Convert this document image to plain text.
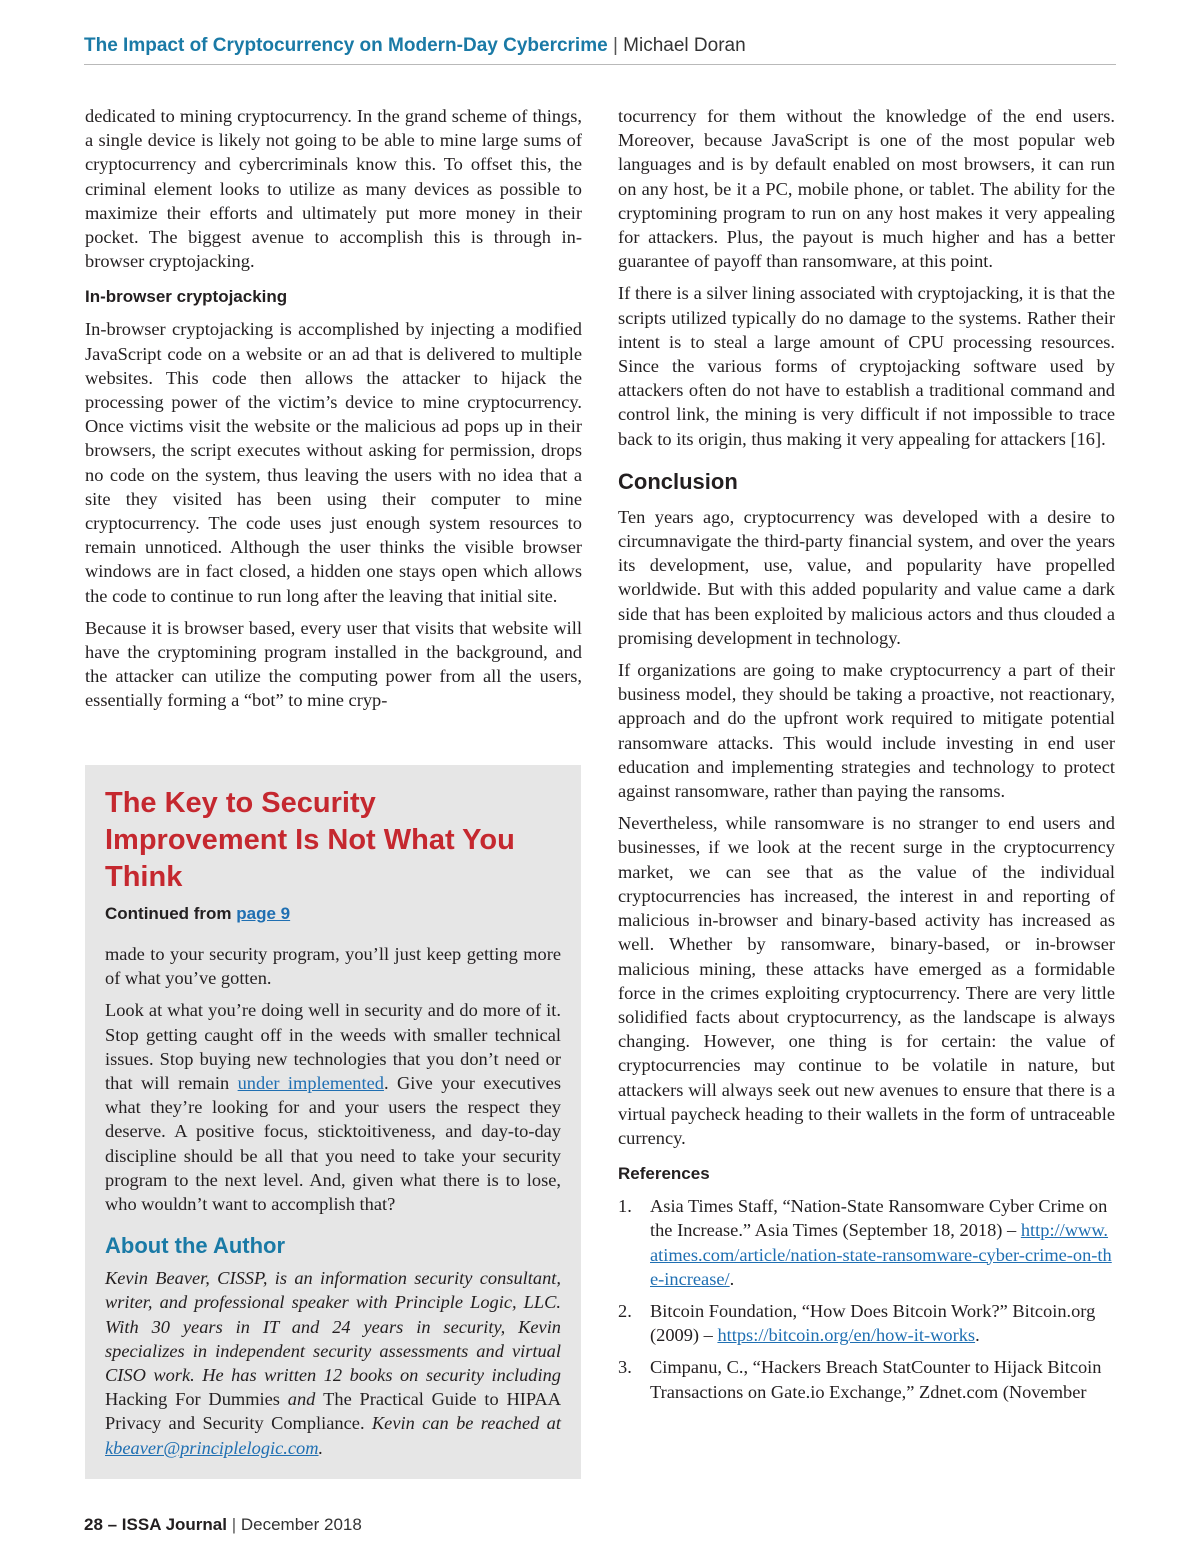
The Impact of Cryptocurrency on Modern-Day Cybercrime | Michael Doran

dedicated to mining cryptocurrency. In the grand scheme of things, a single device is likely not going to be able to mine large sums of cryptocurrency and cybercriminals know this. To offset this, the criminal element looks to utilize as many devices as possible to maximize their efforts and ultimately put more money in their pocket. The biggest avenue to accomplish this is through in-browser cryptojacking.

In-browser cryptojacking

In-browser cryptojacking is accomplished by injecting a modified JavaScript code on a website or an ad that is delivered to multiple websites. This code then allows the attacker to hijack the processing power of the victim’s device to mine cryptocurrency. Once victims visit the website or the malicious ad pops up in their browsers, the script executes without asking for permission, drops no code on the system, thus leaving the users with no idea that a site they visited has been using their computer to mine cryptocurrency. The code uses just enough system resources to remain unnoticed. Although the user thinks the visible browser windows are in fact closed, a hidden one stays open which allows the code to continue to run long after the leaving that initial site.

Because it is browser based, every user that visits that website will have the cryptomining program installed in the background, and the attacker can utilize the computing power from all the users, essentially forming a “bot” to mine cryp-

The Key to Security Improvement Is Not What You Think
Continued from page 9

made to your security program, you’ll just keep getting more of what you’ve gotten.

Look at what you’re doing well in security and do more of it. Stop getting caught off in the weeds with smaller technical issues. Stop buying new technologies that you don’t need or that will remain under implemented. Give your executives what they’re looking for and your users the respect they deserve. A positive focus, sticktoitiveness, and day-to-day discipline should be all that you need to take your security program to the next level. And, given what there is to lose, who wouldn’t want to accomplish that?

About the Author

Kevin Beaver, CISSP, is an information security consultant, writer, and professional speaker with Principle Logic, LLC. With 30 years in IT and 24 years in security, Kevin specializes in independent security assessments and virtual CISO work. He has written 12 books on security including Hacking For Dummies and The Practical Guide to HIPAA Privacy and Security Compliance. Kevin can be reached at kbeaver@principlelogic.com.

tocurrency for them without the knowledge of the end users. Moreover, because JavaScript is one of the most popular web languages and is by default enabled on most browsers, it can run on any host, be it a PC, mobile phone, or tablet. The ability for the cryptomining program to run on any host makes it very appealing for attackers. Plus, the payout is much higher and has a better guarantee of payoff than ransomware, at this point.

If there is a silver lining associated with cryptojacking, it is that the scripts utilized typically do no damage to the systems. Rather their intent is to steal a large amount of CPU processing resources. Since the various forms of cryptojacking software used by attackers often do not have to establish a traditional command and control link, the mining is very difficult if not impossible to trace back to its origin, thus making it very appealing for attackers [16].

Conclusion

Ten years ago, cryptocurrency was developed with a desire to circumnavigate the third-party financial system, and over the years its development, use, value, and popularity have propelled worldwide. But with this added popularity and value came a dark side that has been exploited by malicious actors and thus clouded a promising development in technology.

If organizations are going to make cryptocurrency a part of their business model, they should be taking a proactive, not reactionary, approach and do the upfront work required to mitigate potential ransomware attacks. This would include investing in end user education and implementing strategies and technology to protect against ransomware, rather than paying the ransoms.

Nevertheless, while ransomware is no stranger to end users and businesses, if we look at the recent surge in the cryptocurrency market, we can see that as the value of the individual cryptocurrencies has increased, the interest in and reporting of malicious in-browser and binary-based activity has increased as well. Whether by ransomware, binary-based, or in-browser malicious mining, these attacks have emerged as a formidable force in the crimes exploiting cryptocurrency. There are very little solidified facts about cryptocurrency, as the landscape is always changing. However, one thing is for certain: the value of cryptocurrencies may continue to be volatile in nature, but attackers will always seek out new avenues to ensure that there is a virtual paycheck heading to their wallets in the form of untraceable currency.

References
1. Asia Times Staff, “Nation-State Ransomware Cyber Crime on the Increase.” Asia Times (September 18, 2018) – http://www.atimes.com/article/nation-state-ransomware-cyber-crime-on-the-increase/.
2. Bitcoin Foundation, “How Does Bitcoin Work?” Bitcoin.org (2009) – https://bitcoin.org/en/how-it-works.
3. Cimpanu, C., “Hackers Breach StatCounter to Hijack Bitcoin Transactions on Gate.io Exchange,” Zdnet.com (November
28 – ISSA Journal | December 2018
